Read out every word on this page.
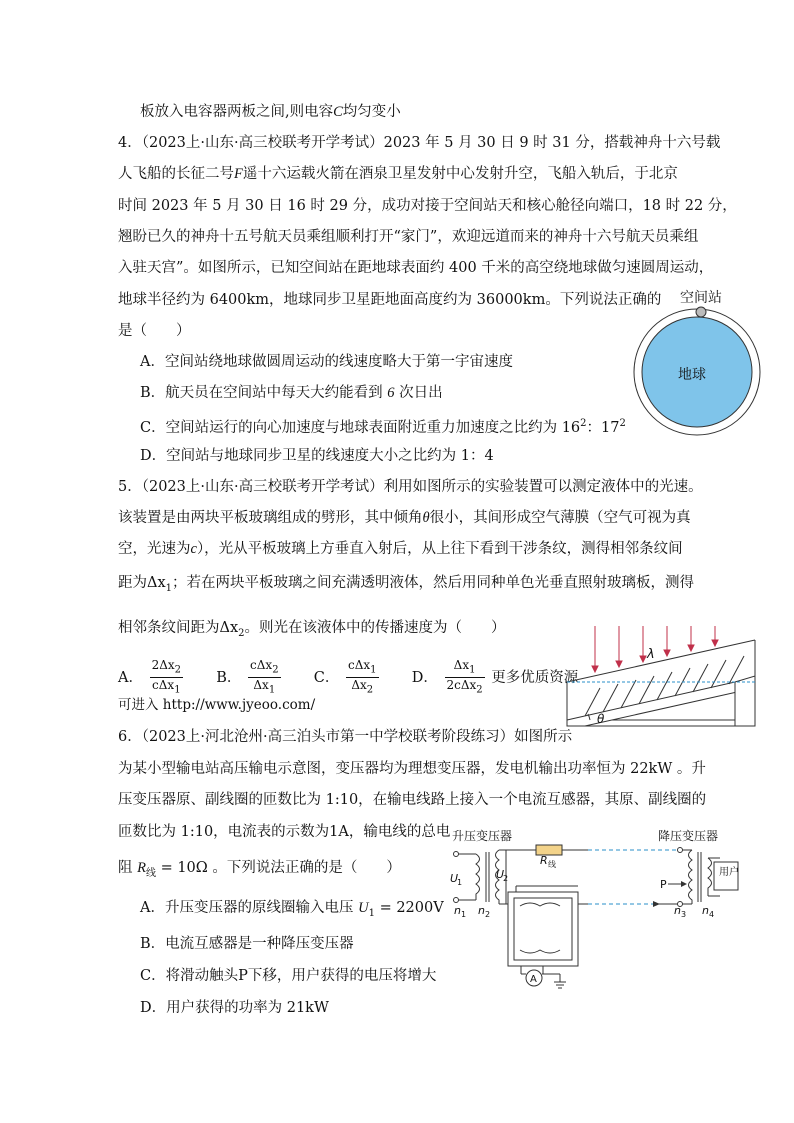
板放入电容器两板之间,则电容C均匀变小
4．（2023上·山东·高三校联考开学考试）2023 年 5 月 30 日 9 时 31 分，搭载神舟十六号载
人飞船的长征二号F遥十六运载火箭在酒泉卫星发射中心发射升空，飞船入轨后，于北京
时间 2023 年 5 月 30 日 16 时 29 分，成功对接于空间站天和核心舱径向端口，18 时 22 分，
翘盼已久的神舟十五号航天员乘组顺利打开“家门”，欢迎远道而来的神舟十六号航天员乘组
入驻天宫”。如图所示，已知空间站在距地球表面约 400 千米的高空绕地球做匀速圆周运动，
地球半径约为 6400km，地球同步卫星距地面高度约为 36000km。下列说法正确的
是（　　）
A．空间站绕地球做圆周运动的线速度略大于第一宇宙速度
B．航天员在空间站中每天大约能看到 6 次日出
C．空间站运行的向心加速度与地球表面附近重力加速度之比约为 $16^2$：$17^2$
D．空间站与地球同步卫星的线速度大小之比约为 1：4
空间站
地球
5．（2023上·山东·高三校联考开学考试）利用如图所示的实验装置可以测定液体中的光速。
该装置是由两块平板玻璃组成的劈形，其中倾角θ很小，其间形成空气薄膜（空气可视为真
空，光速为c），光从平板玻璃上方垂直入射后，从上往下看到干涉条纹，测得相邻条纹间
距为$\Delta x_1$；若在两块平板玻璃之间充满透明液体，然后用同种单色光垂直照射玻璃板，测得
相邻条纹间距为$\Delta x_2$。则光在该液体中的传播速度为（　　）
A． $\frac{2\Delta x_2}{c\Delta x_1}$ B． $\frac{c\Delta x_2}{\Delta x_1}$ C． $\frac{c\Delta x_1}{\Delta x_2}$ D． $\frac{\Delta x_1}{2c\Delta x_2}$ 更多优质资源
可进入 http://www.jyeoo.com/
λ
θ
6．（2023上·河北沧州·高三泊头市第一中学校联考阶段练习）如图所示
为某小型输电站高压输电示意图，变压器均为理想变压器，发电机输出功率恒为 22kW 。升
压变压器原、副线圈的匝数比为 1:10，在输电线路上接入一个电流互感器，其原、副线圈的
匝数比为 1:10，电流表的示数为1A，输电线的总电
阻 $R_线 = 10\Omega$ 。下列说法正确的是（　　）
A．升压变压器的原线圈输入电压 $U_1 = 2200V$
B．电流互感器是一种降压变压器
C．将滑动触头P下移，用户获得的电压将增大
D．用户获得的功率为 21kW
升压变压器	降压变压器
U
1
n 1 n 2
U
2
R 线
A
P
用户
n 3 n 4
